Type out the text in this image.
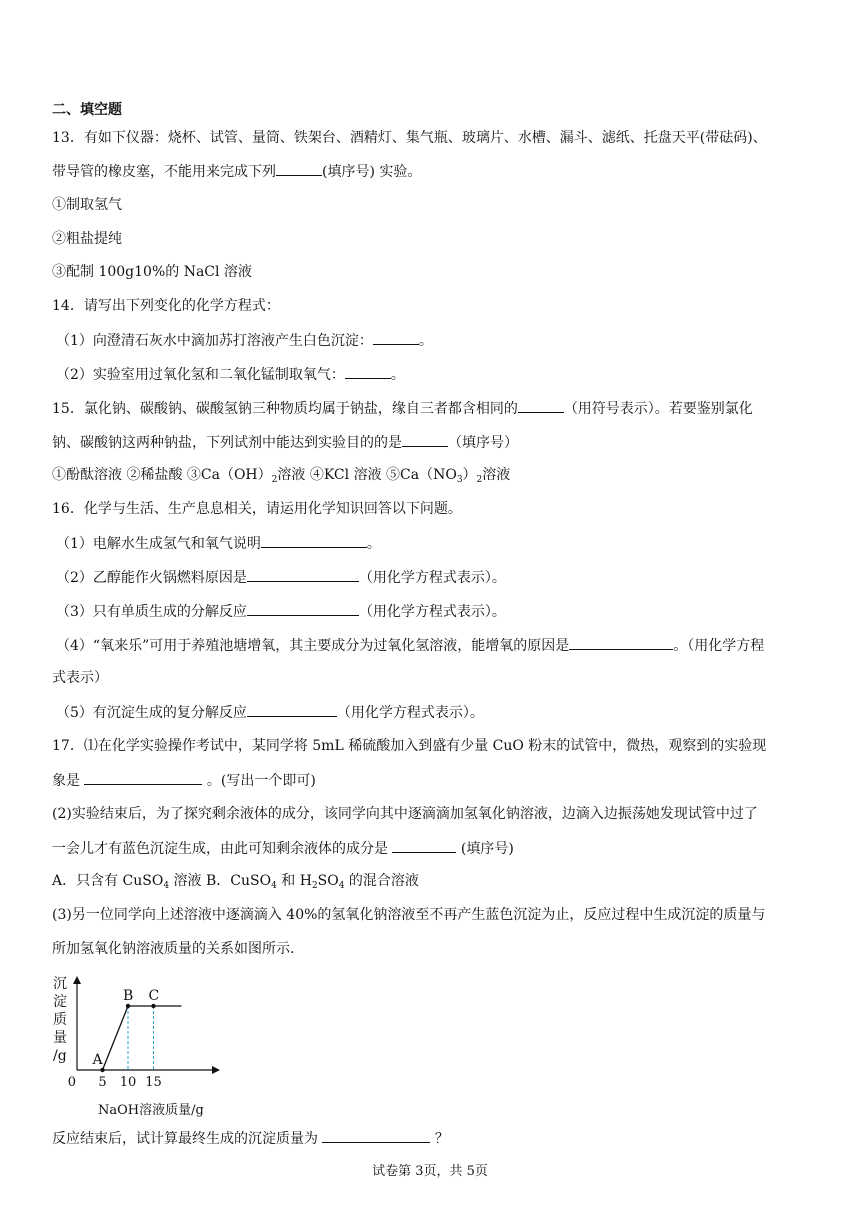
二、填空题
13．有如下仪器：烧杯、试管、量筒、铁架台、酒精灯、集气瓶、玻璃片、水槽、漏斗、滤纸、托盘天平(带砝码)、
带导管的橡皮塞，不能用来完成下列	(填序号) 实验。
①制取氢气
②粗盐提纯
③配制 100g10%的 NaCl 溶液
14．请写出下列变化的化学方程式：
（1）向澄清石灰水中滴加苏打溶液产生白色沉淀：	。
（2）实验室用过氧化氢和二氧化锰制取氧气：	。
15．氯化钠、碳酸钠、碳酸氢钠三种物质均属于钠盐，缘自三者都含相同的	（用符号表示）。若要鉴别氯化
钠、碳酸钠这两种钠盐，下列试剂中能达到实验目的的是	（填序号）
①酚酞溶液 ②稀盐酸 $③Ca(OH)_2$溶液 ④KCl 溶液 $⑤Ca(NO_3)_2$溶液
16．化学与生活、生产息息相关，请运用化学知识回答以下问题。
（1）电解水生成氢气和氧气说明	。
（2）乙醇能作火锅燃料原因是	（用化学方程式表示）。
（3）只有单质生成的分解反应	（用化学方程式表示）。
（4）“氧来乐”可用于养殖池塘增氧，其主要成分为过氧化氢溶液，能增氧的原因是	。（用化学方程
式表示）
（5）有沉淀生成的复分解反应	（用化学方程式表示）。
17．⑴在化学实验操作考试中，某同学将 5mL 稀硫酸加入到盛有少量 CuO 粉末的试管中，微热，观察到的实验现
象是	。(写出一个即可)
(2)实验结束后，为了探究剩余液体的成分，该同学向其中逐滴滴加氢氧化钠溶液，边滴入边振荡她发现试管中过了
一会儿才有蓝色沉淀生成，由此可知剩余液体的成分是	(填序号)
A．只含有 CuSO$_4$ 溶液 B．CuSO$_4$ 和 $H_2SO_4$ 的混合溶液
(3)另一位同学向上述溶液中逐滴滴入 40%的氢氧化钠溶液至不再产生蓝色沉淀为止，反应过程中生成沉淀的质量与
所加氢氧化钠溶液质量的关系如图所示.
沉
淀
质
量
/g A
B C
5 10 15
0
NaOH溶液质量/g
反应结束后，试计算最终生成的沉淀质量为	？
试卷第 3页，共 5页
